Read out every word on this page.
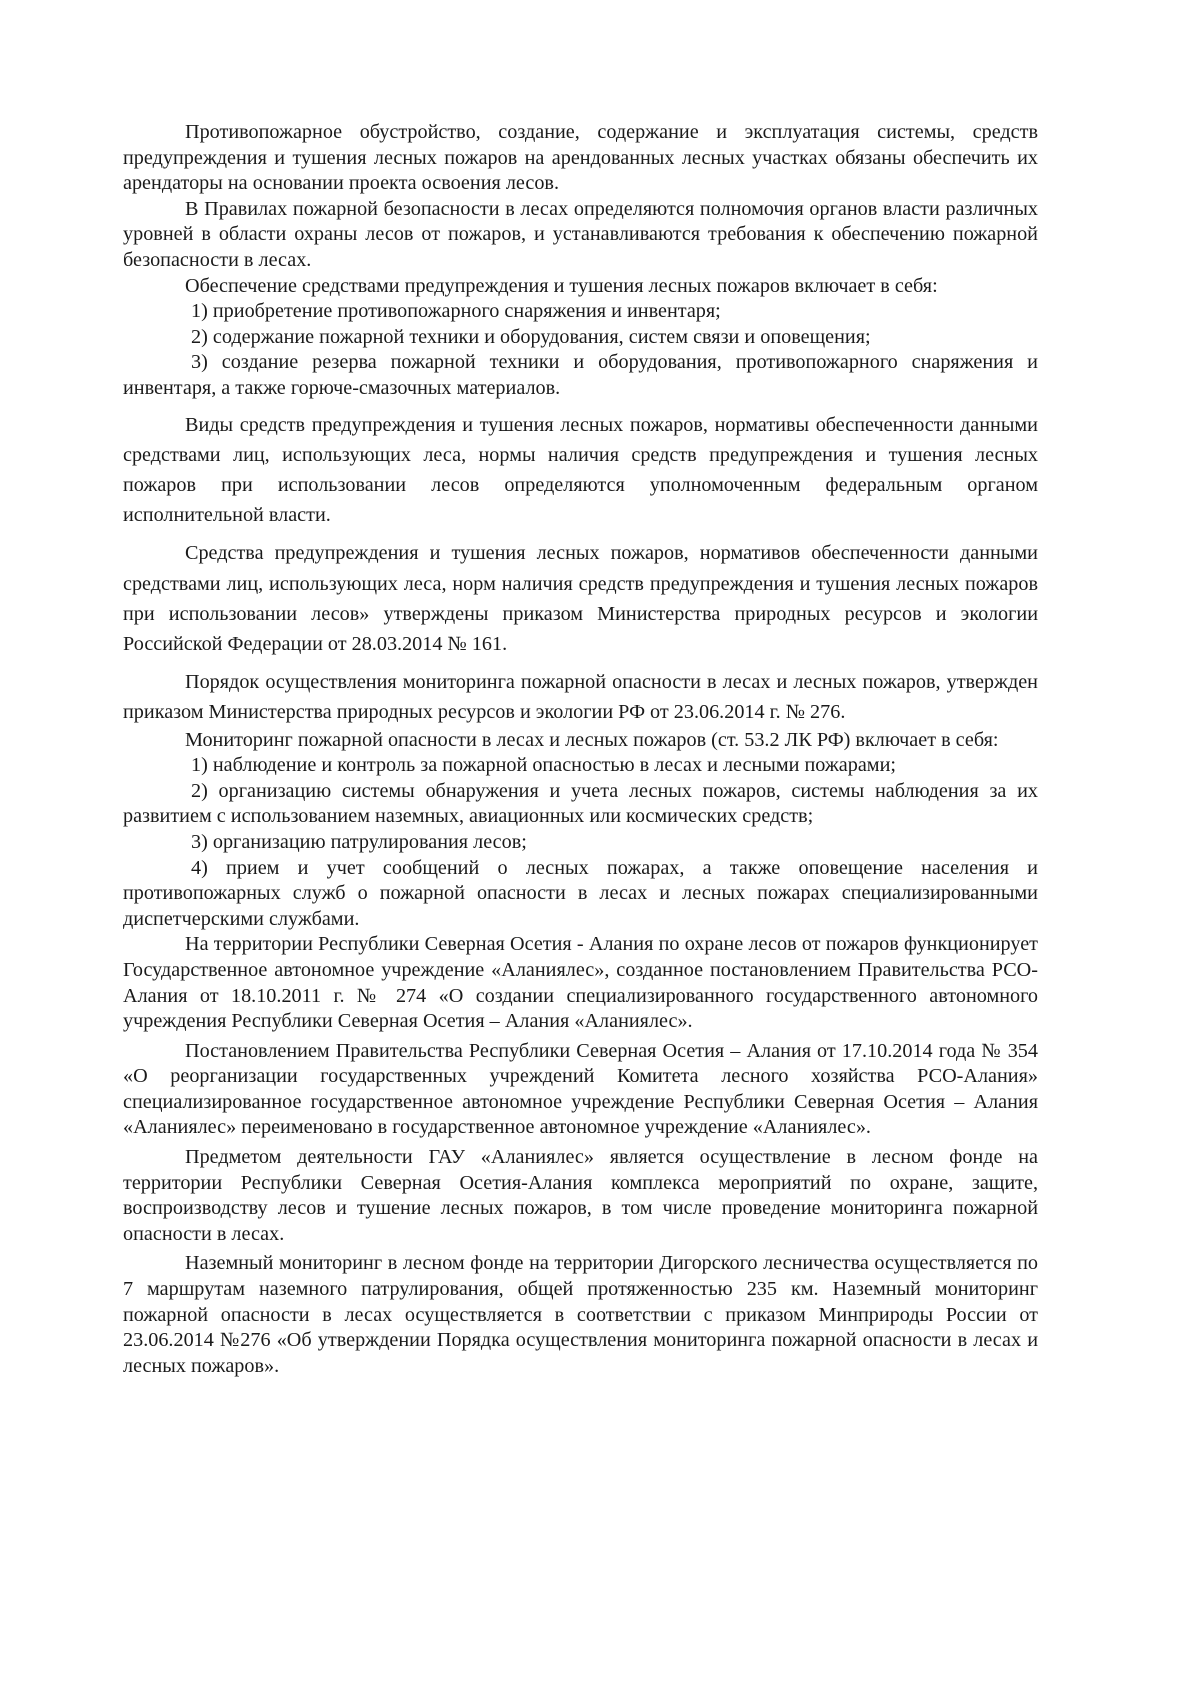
Противопожарное обустройство, создание, содержание и эксплуатация системы, средств предупреждения и тушения лесных пожаров на арендованных лесных участках обязаны обеспечить их арендаторы на основании проекта освоения лесов.

В Правилах пожарной безопасности в лесах определяются полномочия органов власти различных уровней в области охраны лесов от пожаров, и устанавливаются требования к обеспечению пожарной безопасности в лесах.

Обеспечение средствами предупреждения и тушения лесных пожаров включает в себя:

1) приобретение противопожарного снаряжения и инвентаря;

2) содержание пожарной техники и оборудования, систем связи и оповещения;

3) создание резерва пожарной техники и оборудования, противопожарного снаряжения и инвентаря, а также горюче-смазочных материалов.

Виды средств предупреждения и тушения лесных пожаров, нормативы обеспеченности данными средствами лиц, использующих леса, нормы наличия средств предупреждения и тушения лесных пожаров при использовании лесов определяются уполномоченным федеральным органом исполнительной власти.

Средства предупреждения и тушения лесных пожаров, нормативов обеспеченности данными средствами лиц, использующих леса, норм наличия средств предупреждения и тушения лесных пожаров при использовании лесов» утверждены приказом Министерства природных ресурсов и экологии Российской Федерации от 28.03.2014 № 161.

Порядок осуществления мониторинга пожарной опасности в лесах и лесных пожаров, утвержден приказом Министерства природных ресурсов и экологии РФ от 23.06.2014 г. № 276.

Мониторинг пожарной опасности в лесах и лесных пожаров (ст. 53.2 ЛК РФ) включает в себя:

1) наблюдение и контроль за пожарной опасностью в лесах и лесными пожарами;

2) организацию системы обнаружения и учета лесных пожаров, системы наблюдения за их развитием с использованием наземных, авиационных или космических средств;

3) организацию патрулирования лесов;

4) прием и учет сообщений о лесных пожарах, а также оповещение населения и противопожарных служб о пожарной опасности в лесах и лесных пожарах специализированными диспетчерскими службами.

На территории Республики Северная Осетия - Алания по охране лесов от пожаров функционирует Государственное автономное учреждение «Аланиялес», созданное постановлением Правительства РСО-Алания от 18.10.2011 г. № 274 «О создании специализированного государственного автономного учреждения Республики Северная Осетия – Алания «Аланиялес».

Постановлением Правительства Республики Северная Осетия – Алания от 17.10.2014 года № 354 «О реорганизации государственных учреждений Комитета лесного хозяйства РСО-Алания» специализированное государственное автономное учреждение Республики Северная Осетия – Алания «Аланиялес» переименовано в государственное автономное учреждение «Аланиялес».

Предметом деятельности ГАУ «Аланиялес» является осуществление в лесном фонде на территории Республики Северная Осетия-Алания комплекса мероприятий по охране, защите, воспроизводству лесов и тушение лесных пожаров, в том числе проведение мониторинга пожарной опасности в лесах.

Наземный мониторинг в лесном фонде на территории Дигорского лесничества осуществляется по 7 маршрутам наземного патрулирования, общей протяженностью 235 км. Наземный мониторинг пожарной опасности в лесах осуществляется в соответствии с приказом Минприроды России от 23.06.2014 №276 «Об утверждении Порядка осуществления мониторинга пожарной опасности в лесах и лесных пожаров».
